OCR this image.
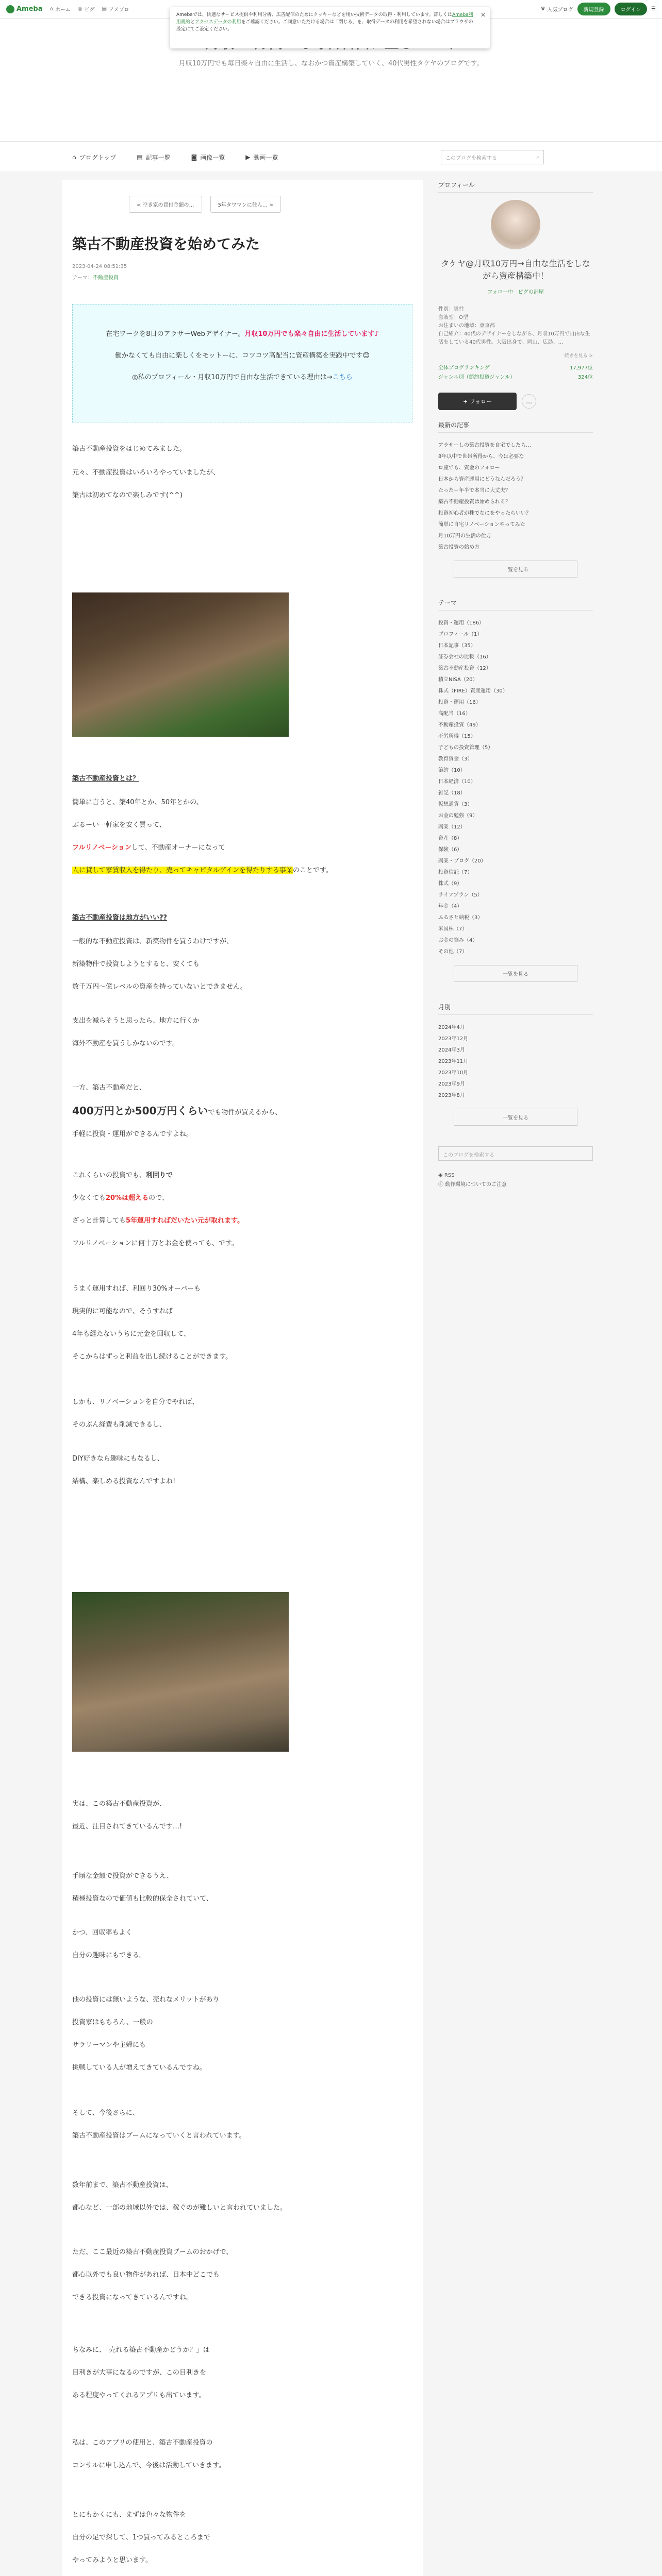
Ameba ⌂ ホーム ◎ ピグ ▤ アメブロ	♛ 人気ブログ	新規登録	ログイン	☰
Amebaでは、快適なサービス提供や利用分析、広告配信のためにクッキーなどを用い技術データの取得・利用しています。詳しくはAmeba利用規約とアクセスデータの利用をご確認ください。ご同意いただける場合は「閉じる」を、取得データの利用を希望されない場合はブラウザの設定にてご設定ください。
✕
月収10万円でも毎日楽々自由に生活し、なおかつ資産構築していく、40代男性タケヤのブログです。
⌂ ブログトップ	▤ 記事一覧	◙ 画像一覧	▶ 動画一覧	このブログを検索する	⌕
< 空き家の買付金額の…	5年タワマンに住ん… >
築古不動産投資を始めてみた
2023-04-24 08:51:35
テーマ：不動産投資
在宅ワークを8日のアラサーWebデザイナー。月収10万円でも楽々自由に生活しています♪
働かなくても自由に楽しくをモットーに、コツコツ高配当に資産構築を実践中です😊
◎私のプロフィール・月収10万円で自由な生活できている理由は→こちら
築古不動産投資をはじめてみました。
元々、不動産投資はいろいろやっていましたが、
築古は初めてなので楽しみです(^^)
築古不動産投資とは？
簡単に言うと、築40年とか、50年とかの、
ぶるーい一軒家を安く買って、
フルリノベーションして、不動産オーナーになって
人に貸して家賃収入を得たり、売ってキャピタルゲインを得たりする事業のことです。
築古不動産投資は地方がいい??
一般的な不動産投資は、新築物件を買うわけですが、
新築物件で投資しようとすると、安くても
数千万円〜億レベルの資産を持っていないとできません。
支出を減らそうと思ったら、地方に行くか
海外不動産を買うしかないのです。
一方、築古不動産だと、
400万円とか500万円くらいでも物件が買えるから、
手軽に投資・運用ができるんですよね。
これくらいの投資でも、利回りで
少なくても20%は超えるので、
ざっと計算しても5年運用すればだいたい元が取れます。
フルリノベーションに何十万とお金を使っても、です。
うまく運用すれば、利回り30%オーバーも
現実的に可能なので、そうすれば
4年も経たないうちに元金を回収して、
そこからはずっと利益を出し続けることができます。
しかも、リノベーションを自分でやれば、
そのぶん経費も削減できるし、
DIY好きなら趣味にもなるし、
結構、楽しめる投資なんですよね!
実は、この築古不動産投資が、
最近、注目されてきているんです…!
手頃な金額で投資ができるうえ、
積極投資なので価値も比較的保全されていて、
かつ、回収率もよく
自分の趣味にもできる。
他の投資には無いような、売れなメリットがあり
投資家はもちろん、一般の
サラリーマンや主婦にも
挑戦している人が増えてきているんですね。
そして、今後さらに、
築古不動産投資はブームになっていくと言われています。
数年前まで、築古不動産投資は、
都心など、一部の地域以外では、稼ぐのが難しいと言われていました。
ただ、ここ最近の築古不動産投資ブームのおかげで、
都心以外でも良い物件があれば、日本中どこでも
できる投資になってきているんですね。
ちなみに、「売れる築古不動産かどうか？」は
目利きが大事になるのですが、この目利きを
ある程度やってくれるアプリも出ています。
私は、このアプリの使用と、築古不動産投資の
コンサルに申し込んで、今後は活動していきます。
とにもかくにも、まずは色々な物件を
自分の足で探して、1つ買ってみるところまで
やってみようと思います。
プロフィール
タケヤ@月収10万円→自由な生活をしながら資産構築中！
フォロー中　 ピグの部屋
性別：男性
血液型：O型
お住まいの地域：東京都
自己紹介：40代のデザイナーをしながら、月収10万円で自由な生活をしている40代男性。大阪出身で、岡山、広島、…
続きを見る >
全体ブログランキング	17,977位
ジャンル別（節約投資ジャンル）	324位
+ フォロー	…
最新の記事
アラサーしの築古投資を自宅でしたら…
8年以中で世帯所得から、今は必要な
ロ座でも、資金のフォロー
日本から資産運用にどうなんだろう？
たったー年半で本当に大丈夫？
築古不動産投資は始められる？
投資初心者が株でなにをやったらいい？
簡単に自宅リノベーションやってみた
月10万円の生活の仕方
築古投資の始め方
一覧を見る
テーマ
投資・運用（186）
プロフィール（1）
日本記事（35）
証券会社の比較（16）
築古不動産投資（12）
積立NISA（20）
株式（FIRE）資産運用（30）
投資・運用（16）
高配当（16）
不動産投資（49）
不労所得（15）
子どもの投資管理（5）
教育資金（3）
節約（10）
日本経済（10）
雑記（18）
仮想通貨（3）
お金の勉強（9）
副業（12）
資産（8）
保険（6）
副業・ブログ（20）
投資信託（7）
株式（9）
ライフプラン（5）
年金（4）
ふるさと納税（3）
米国株（7）
お金の悩み（4）
その他（7）
一覧を見る
月別
2024年4月
2023年12月
2024年3月
2023年11月
2023年10月
2023年9月
2023年8月
一覧を見る
このブログを検索する
◉ RSS
ⓘ 動作環境についてのご注意
